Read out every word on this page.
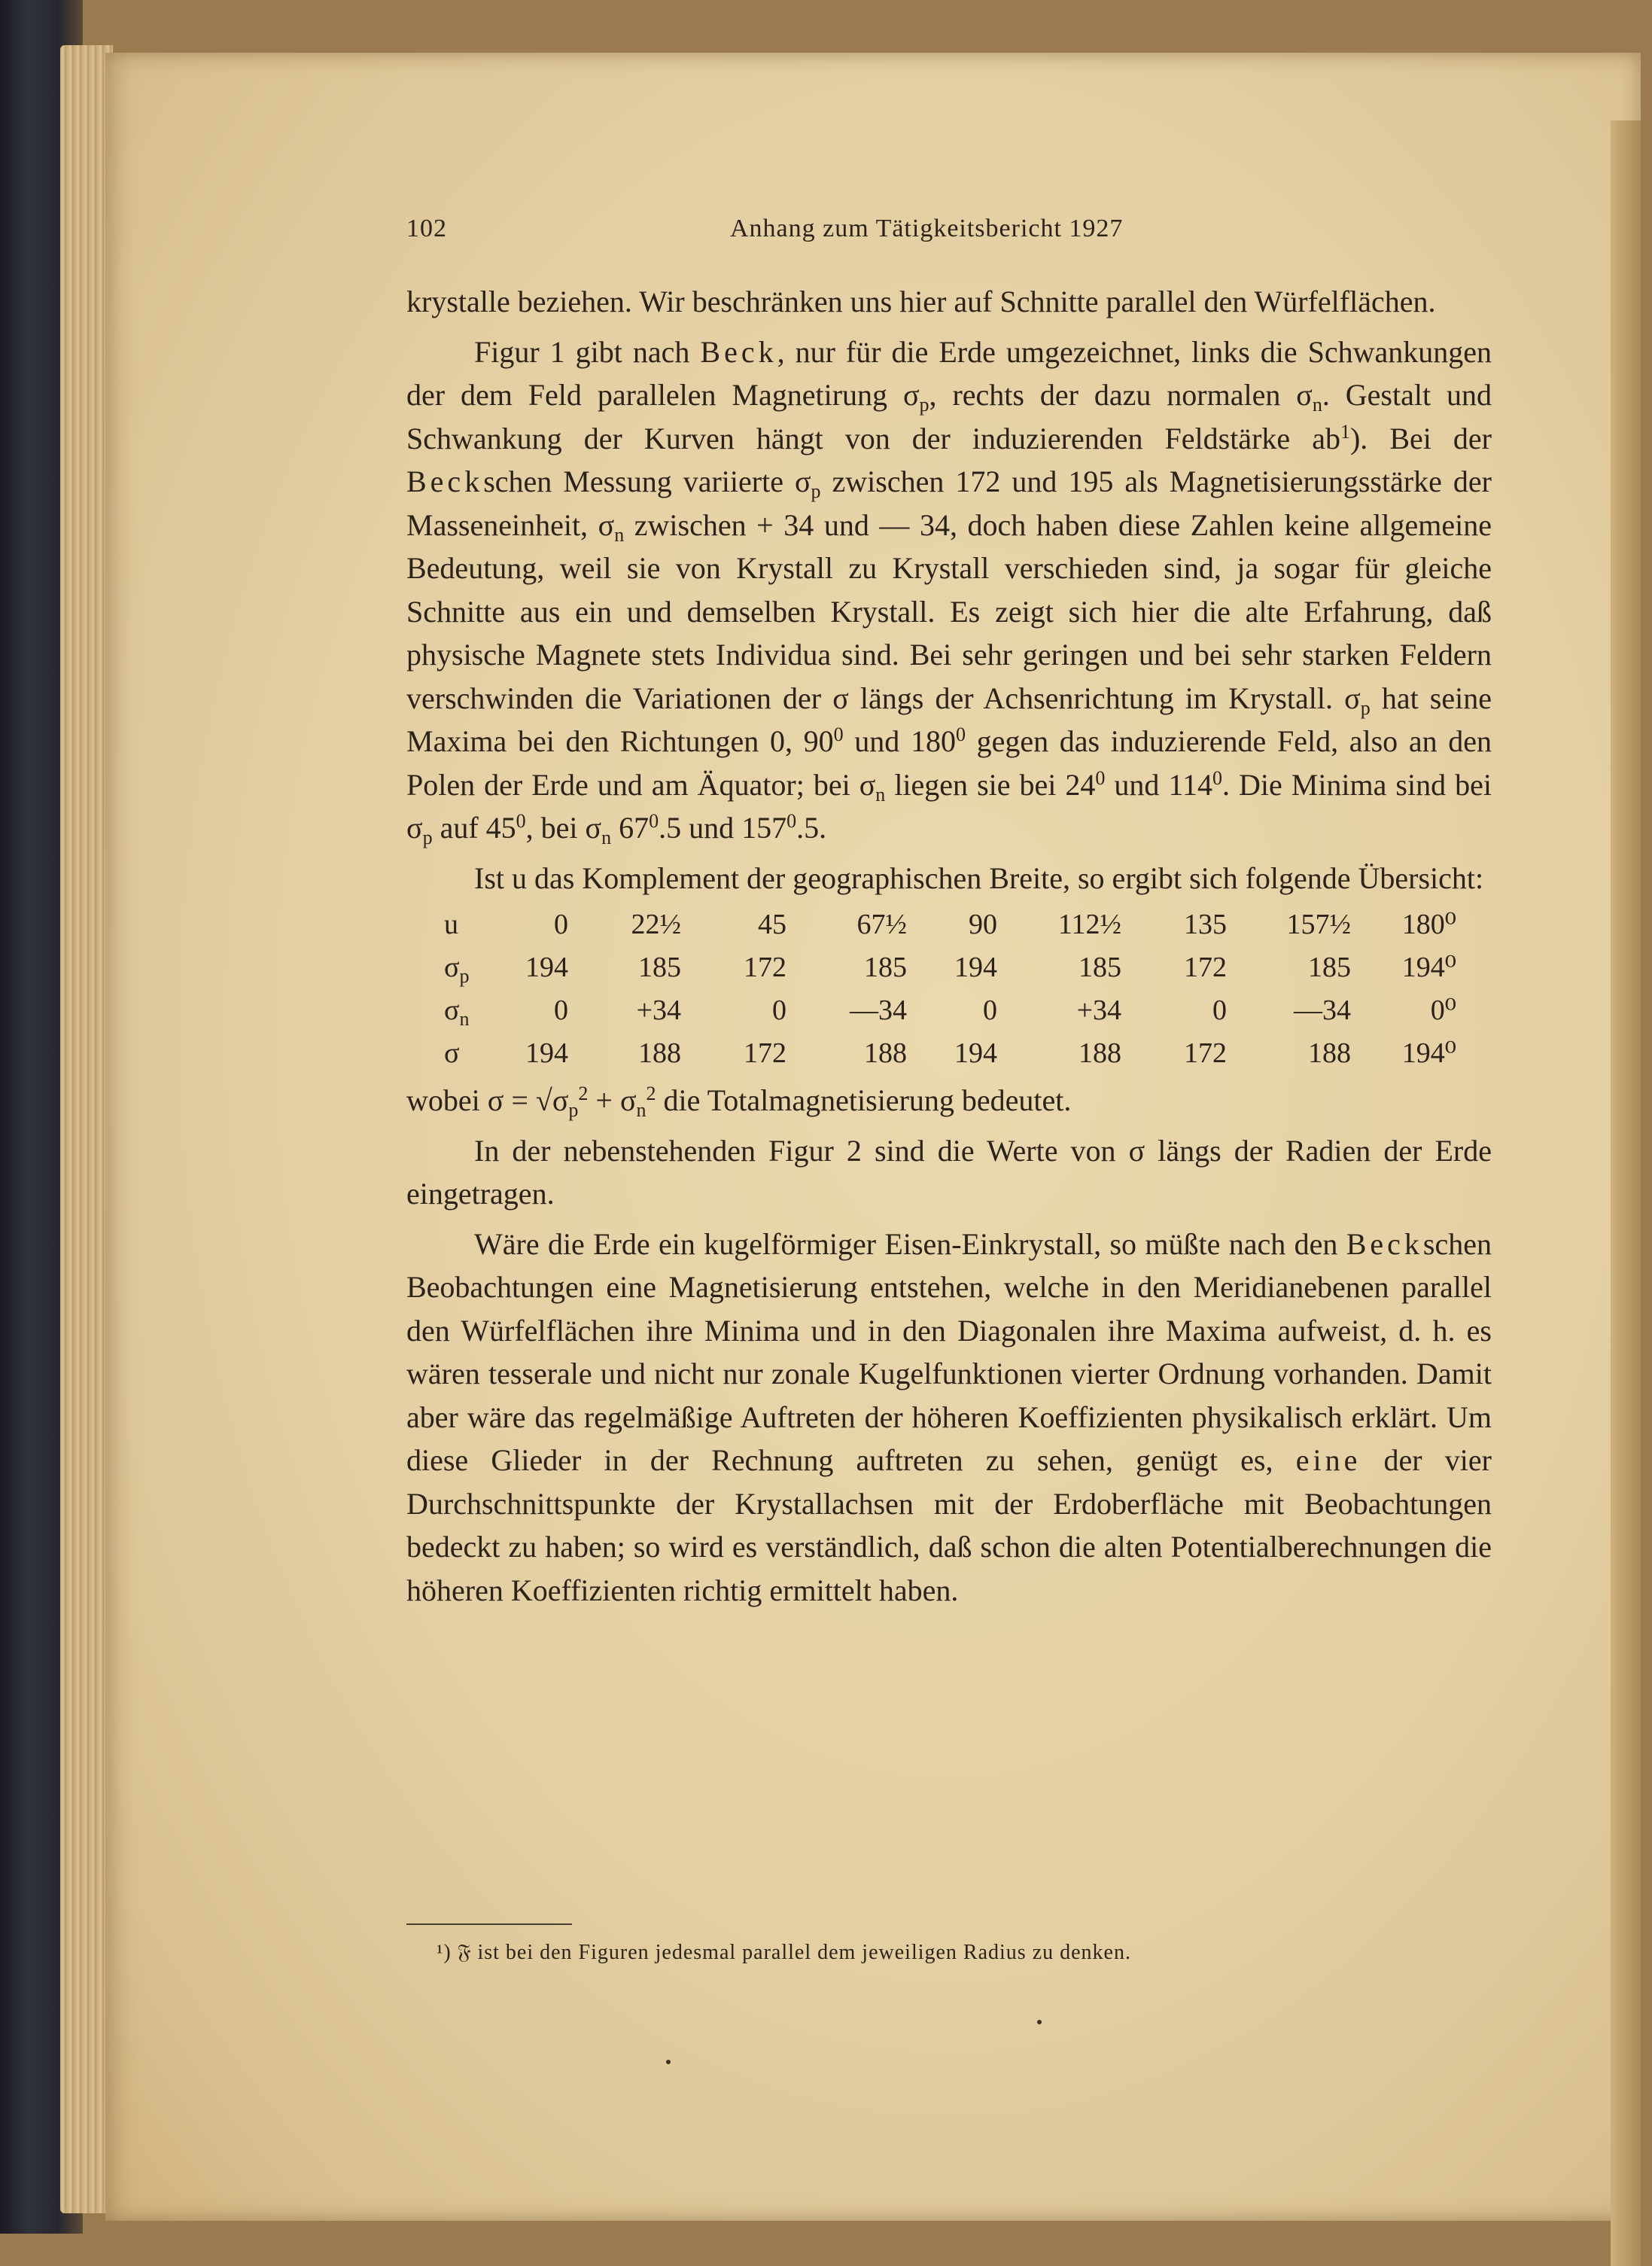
102	Anhang zum Tätigkeitsbericht 1927

krystalle beziehen. Wir beschränken uns hier auf Schnitte parallel den Würfelflächen.

Figur 1 gibt nach Beck, nur für die Erde umgezeichnet, links die Schwankungen der dem Feld parallelen Magnetirung $\sigma_p$, rechts der dazu normalen $\sigma_n$. Gestalt und Schwankung der Kurven hängt von der induzierenden Feldstärke $ab^1$). Bei der Beckschen Messung variierte $\sigma_p$ zwischen 172 und 195 als Magnetisierungsstärke der Masseneinheit, $\sigma_n$ zwischen + 34 und — 34, doch haben diese Zahlen keine allgemeine Bedeutung, weil sie von Krystall zu Krystall verschieden sind, ja sogar für gleiche Schnitte aus ein und demselben Krystall. Es zeigt sich hier die alte Erfahrung, daß physische Magnete stets Individua sind. Bei sehr geringen und bei sehr starken Feldern verschwinden die Variationen der σ längs der Achsenrichtung im Krystall. $\sigma_p$ hat seine Maxima bei den Richtungen 0, $90^0$ und $180^0$ gegen das induzierende Feld, also an den Polen der Erde und am Äquator; bei $\sigma_n$ liegen sie bei $24^0$ und $114^0$. Die Minima sind bei $\sigma_p$ auf $45^0$, bei $\sigma_n$ $67^0.5$ und $157^0.5$.

Ist u das Komplement der geographischen Breite, so ergibt sich folgende Übersicht:

u	0	22½	45	67½	90	112½	135	157½	180⁰
$\sigma_p$	194	185	172	185	194	185	172	185	194⁰
$\sigma_n$	0	+34	0	—34	0	+34	0	—34	0⁰
σ	194	188	172	188	194	188	172	188	194⁰

wobei $\sigma = √\sigma_p^2 + \sigma_n^2$ die Totalmagnetisierung bedeutet.

In der nebenstehenden Figur 2 sind die Werte von σ längs der Radien der Erde eingetragen.

Wäre die Erde ein kugelförmiger Eisen-Einkrystall, so müßte nach den Beckschen Beobachtungen eine Magnetisierung entstehen, welche in den Meridianebenen parallel den Würfelflächen ihre Minima und in den Diagonalen ihre Maxima aufweist, d. h. es wären tesserale und nicht nur zonale Kugelfunktionen vierter Ordnung vorhanden. Damit aber wäre das regelmäßige Auftreten der höheren Koeffizienten physikalisch erklärt. Um diese Glieder in der Rechnung auftreten zu sehen, genügt es, eine der vier Durchschnittspunkte der Krystallachsen mit der Erdoberfläche mit Beobachtungen bedeckt zu haben; so wird es verständlich, daß schon die alten Potentialberechnungen die höheren Koeffizienten richtig ermittelt haben.

¹) 𝔉 ist bei den Figuren jedesmal parallel dem jeweiligen Radius zu denken.
